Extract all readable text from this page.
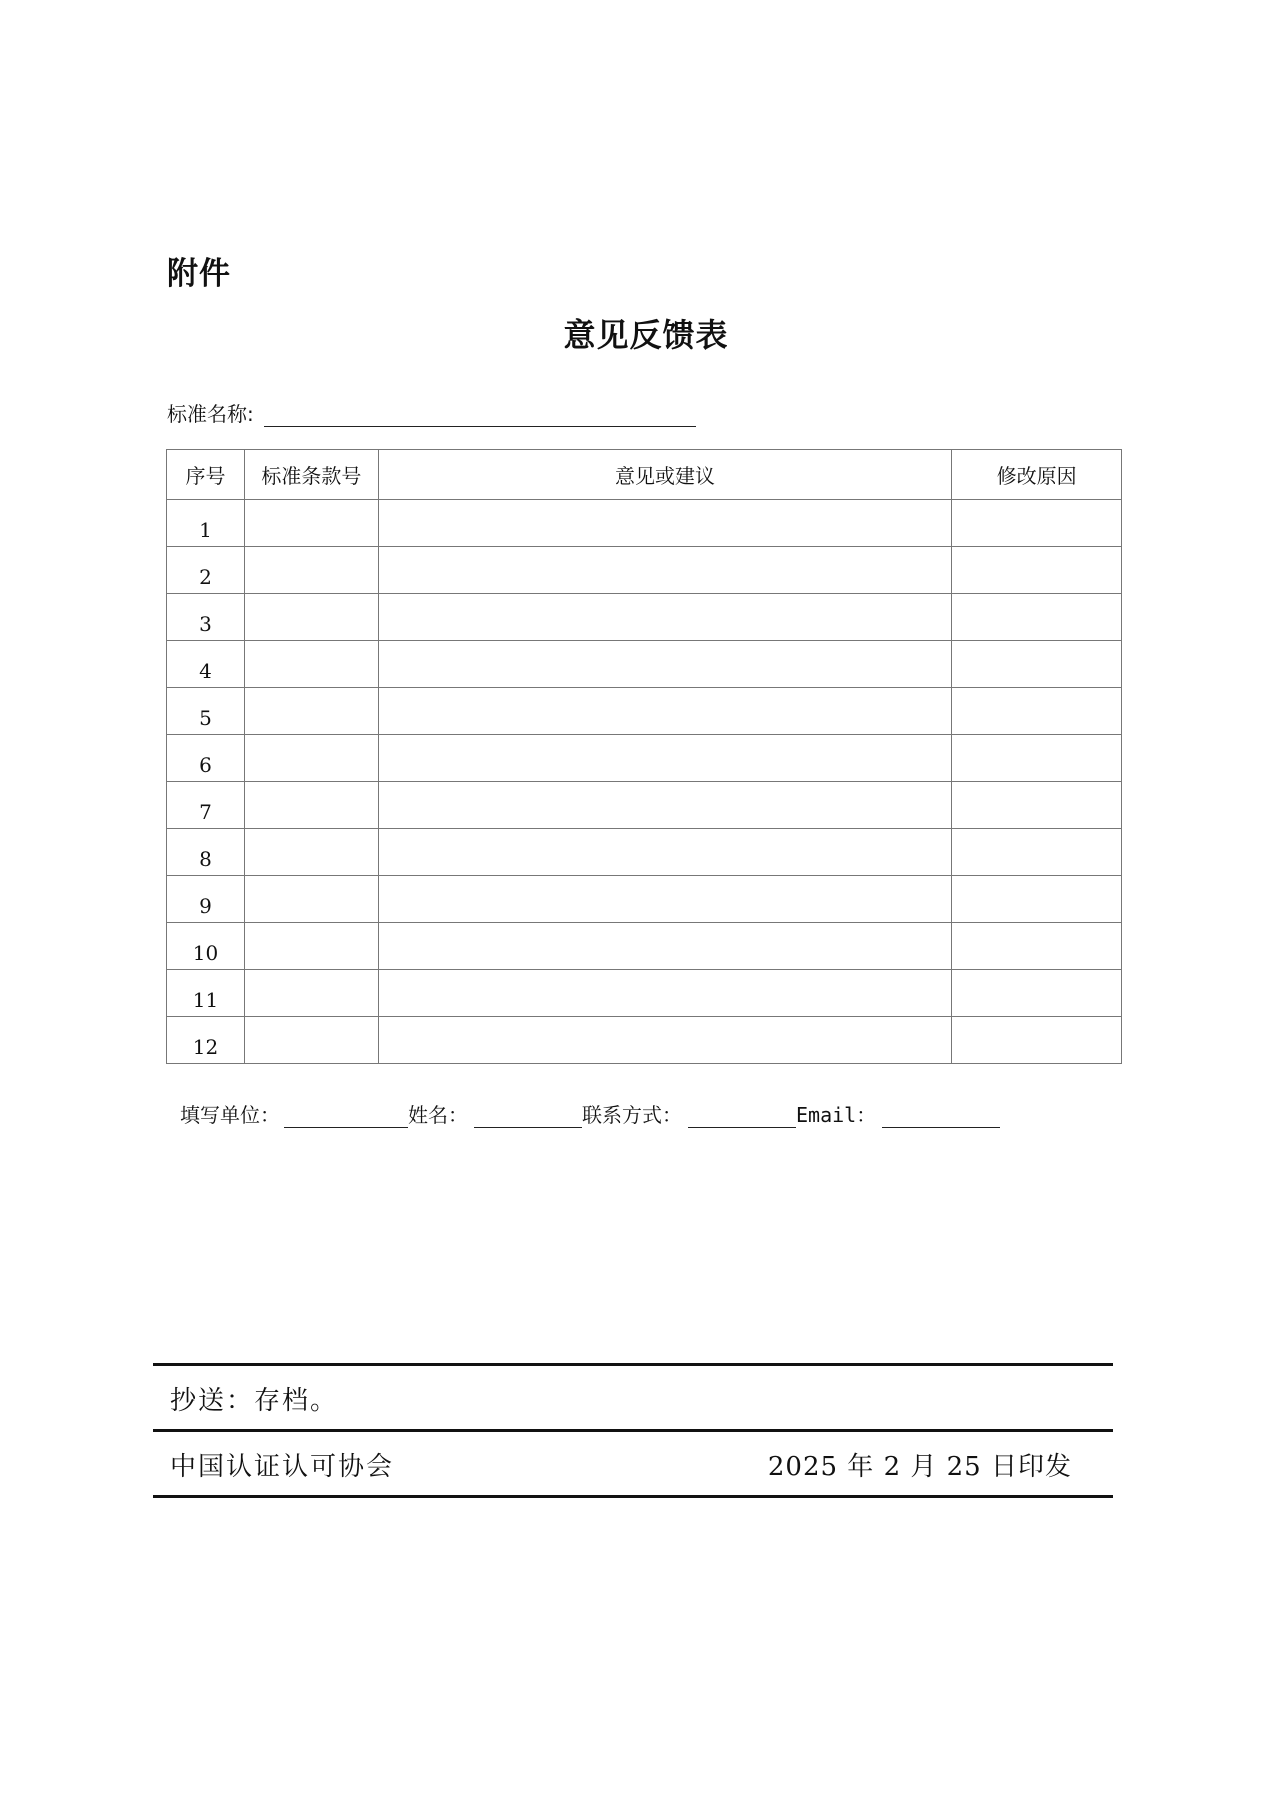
附件
意见反馈表
标准名称:
序号	标准条款号	意见或建议	修改原因
1			
2			
3			
4			
5			
6			
7			
8			
9			
10			
11			
12			
填写单位：	姓名：	联系方式：	Email：
抄送：存档。
中国认证认可协会	2025 年 2 月 25 日印发
